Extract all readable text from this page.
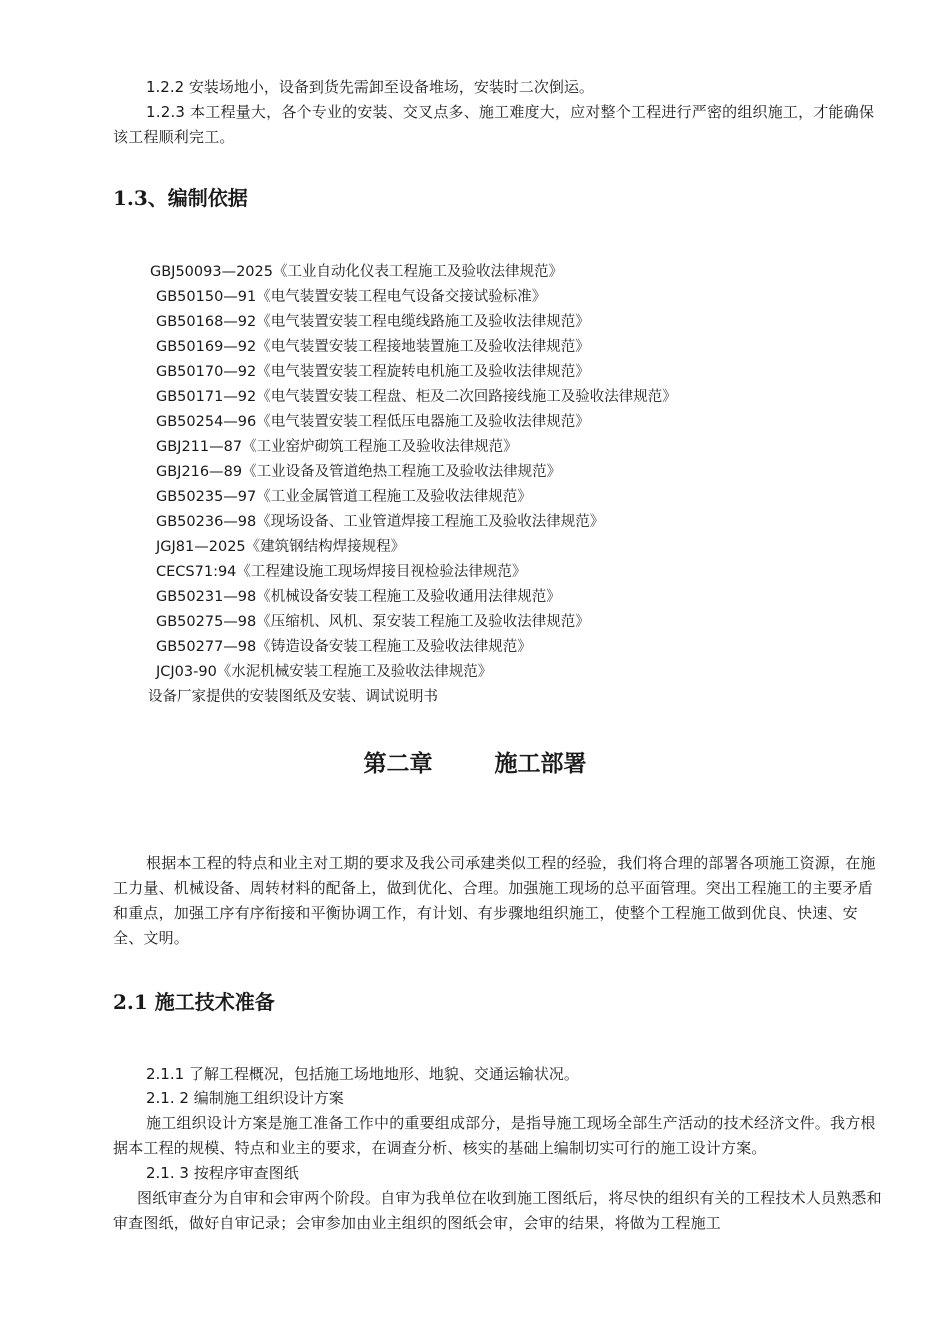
1.2.2 安装场地小，设备到货先需卸至设备堆场，安装时二次倒运。

1.2.3 本工程量大，各个专业的安装、交叉点多、施工难度大，应对整个工程进行严密的组织施工，才能确保该工程顺利完工。

1.3、编制依据
GBJ50093—2025《工业自动化仪表工程施工及验收法律规范》
GB50150—91《电气装置安装工程电气设备交接试验标准》
GB50168—92《电气装置安装工程电缆线路施工及验收法律规范》
GB50169—92《电气装置安装工程接地装置施工及验收法律规范》
GB50170—92《电气装置安装工程旋转电机施工及验收法律规范》
GB50171—92《电气装置安装工程盘、柜及二次回路接线施工及验收法律规范》
GB50254—96《电气装置安装工程低压电器施工及验收法律规范》
GBJ211—87《工业窑炉砌筑工程施工及验收法律规范》
GBJ216—89《工业设备及管道绝热工程施工及验收法律规范》
GB50235—97《工业金属管道工程施工及验收法律规范》
GB50236—98《现场设备、工业管道焊接工程施工及验收法律规范》
JGJ81—2025《建筑钢结构焊接规程》
CECS71:94《工程建设施工现场焊接目视检验法律规范》
GB50231—98《机械设备安装工程施工及验收通用法律规范》
GB50275—98《压缩机、风机、泵安装工程施工及验收法律规范》
GB50277—98《铸造设备安装工程施工及验收法律规范》
JCJ03-90《水泥机械安装工程施工及验收法律规范》
设备厂家提供的安装图纸及安装、调试说明书
第二章	施工部署

根据本工程的特点和业主对工期的要求及我公司承建类似工程的经验，我们将合理的部署各项施工资源，在施工力量、机械设备、周转材料的配备上，做到优化、合理。加强施工现场的总平面管理。突出工程施工的主要矛盾和重点，加强工序有序衔接和平衡协调工作，有计划、有步骤地组织施工，使整个工程施工做到优良、快速、安全、文明。

2.1 施工技术准备

2.1.1 了解工程概况，包括施工场地地形、地貌、交通运输状况。

2.1. 2 编制施工组织设计方案

施工组织设计方案是施工准备工作中的重要组成部分，是指导施工现场全部生产活动的技术经济文件。我方根据本工程的规模、特点和业主的要求，在调查分析、核实的基础上编制切实可行的施工设计方案。

2.1. 3 按程序审查图纸

图纸审查分为自审和会审两个阶段。自审为我单位在收到施工图纸后，将尽快的组织有关的工程技术人员熟悉和审查图纸，做好自审记录；会审参加由业主组织的图纸会审，会审的结果，将做为工程施工
